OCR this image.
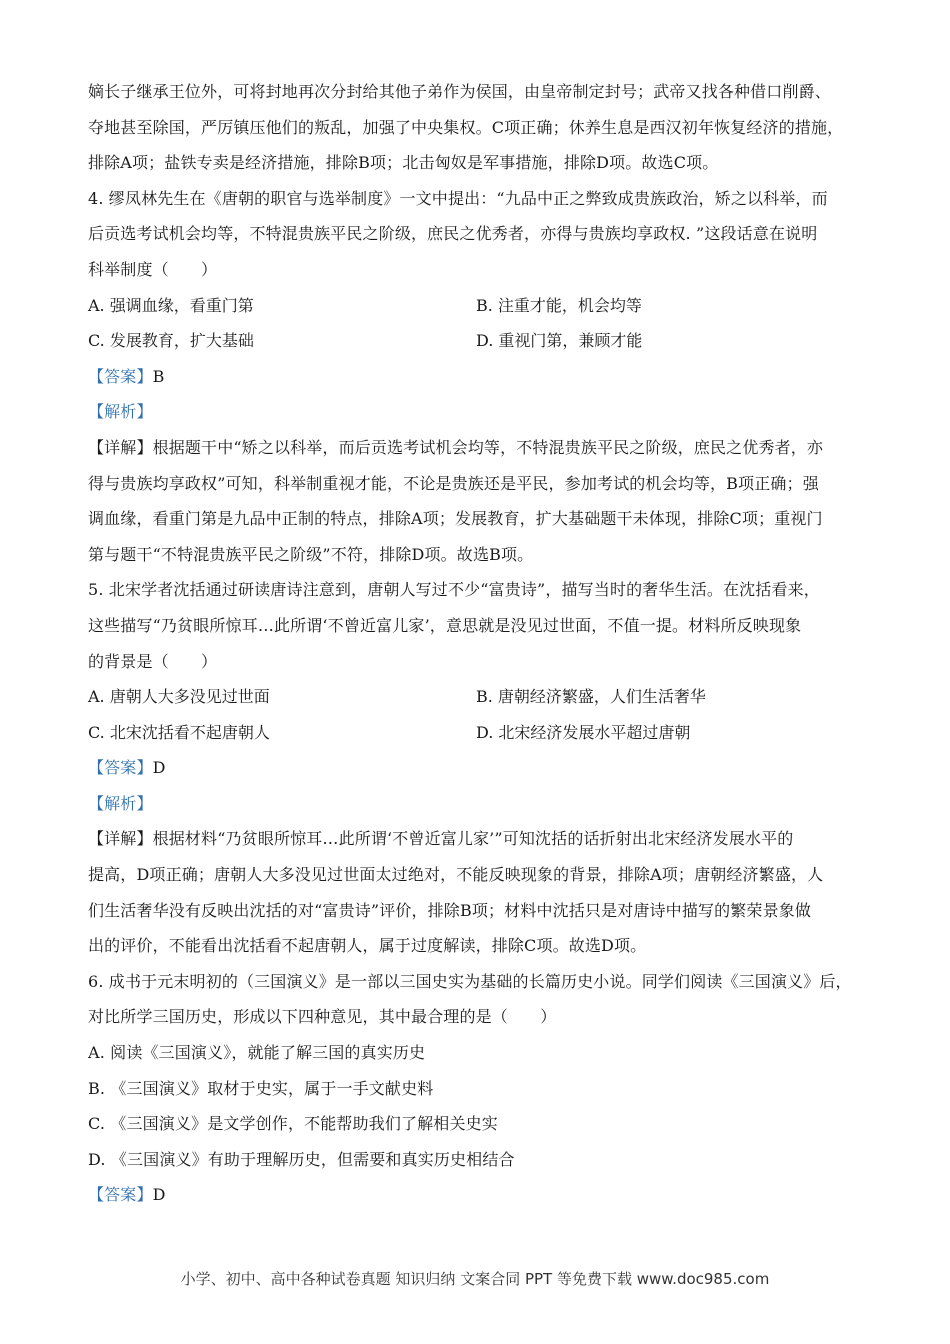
嫡长子继承王位外，可将封地再次分封给其他子弟作为侯国，由皇帝制定封号；武帝又找各种借口削爵、
夺地甚至除国，严厉镇压他们的叛乱，加强了中央集权。C项正确；休养生息是西汉初年恢复经济的措施，
排除A项；盐铁专卖是经济措施，排除B项；北击匈奴是军事措施，排除D项。故选C项。
4. 缪凤林先生在《唐朝的职官与选举制度》一文中提出：“九品中正之弊致成贵族政治，矫之以科举，而
后贡选考试机会均等，不特混贵族平民之阶级，庶民之优秀者，亦得与贵族均享政权. ”这段话意在说明
科举制度（　　）
A. 强调血缘，看重门第	B. 注重才能，机会均等
C. 发展教育，扩大基础	D. 重视门第，兼顾才能
【答案】B
【解析】
【详解】根据题干中“矫之以科举，而后贡选考试机会均等，不特混贵族平民之阶级，庶民之优秀者，亦
得与贵族均享政权”可知，科举制重视才能，不论是贵族还是平民，参加考试的机会均等，B项正确；强
调血缘，看重门第是九品中正制的特点，排除A项；发展教育，扩大基础题干未体现，排除C项；重视门
第与题干“不特混贵族平民之阶级”不符，排除D项。故选B项。
5. 北宋学者沈括通过研读唐诗注意到，唐朝人写过不少“富贵诗”，描写当时的奢华生活。在沈括看来，
这些描写“乃贫眼所惊耳…此所谓‘不曾近富儿家’，意思就是没见过世面，不值一提。材料所反映现象
的背景是（　　）
A. 唐朝人大多没见过世面	B. 唐朝经济繁盛，人们生活奢华
C. 北宋沈括看不起唐朝人	D. 北宋经济发展水平超过唐朝
【答案】D
【解析】
【详解】根据材料“乃贫眼所惊耳…此所谓‘不曾近富儿家’”可知沈括的话折射出北宋经济发展水平的
提高，D项正确；唐朝人大多没见过世面太过绝对，不能反映现象的背景，排除A项；唐朝经济繁盛，人
们生活奢华没有反映出沈括的对“富贵诗”评价，排除B项；材料中沈括只是对唐诗中描写的繁荣景象做
出的评价，不能看出沈括看不起唐朝人，属于过度解读，排除C项。故选D项。
6. 成书于元末明初的（三国演义》是一部以三国史实为基础的长篇历史小说。同学们阅读《三国演义》后，
对比所学三国历史，形成以下四种意见，其中最合理的是（　　）
A. 阅读《三国演义》，就能了解三国的真实历史
B. 《三国演义》取材于史实，属于一手文献史料
C. 《三国演义》是文学创作，不能帮助我们了解相关史实
D. 《三国演义》有助于理解历史，但需要和真实历史相结合
【答案】D
小学、初中、高中各种试卷真题 知识归纳 文案合同 PPT 等免费下载 www.doc985.com
